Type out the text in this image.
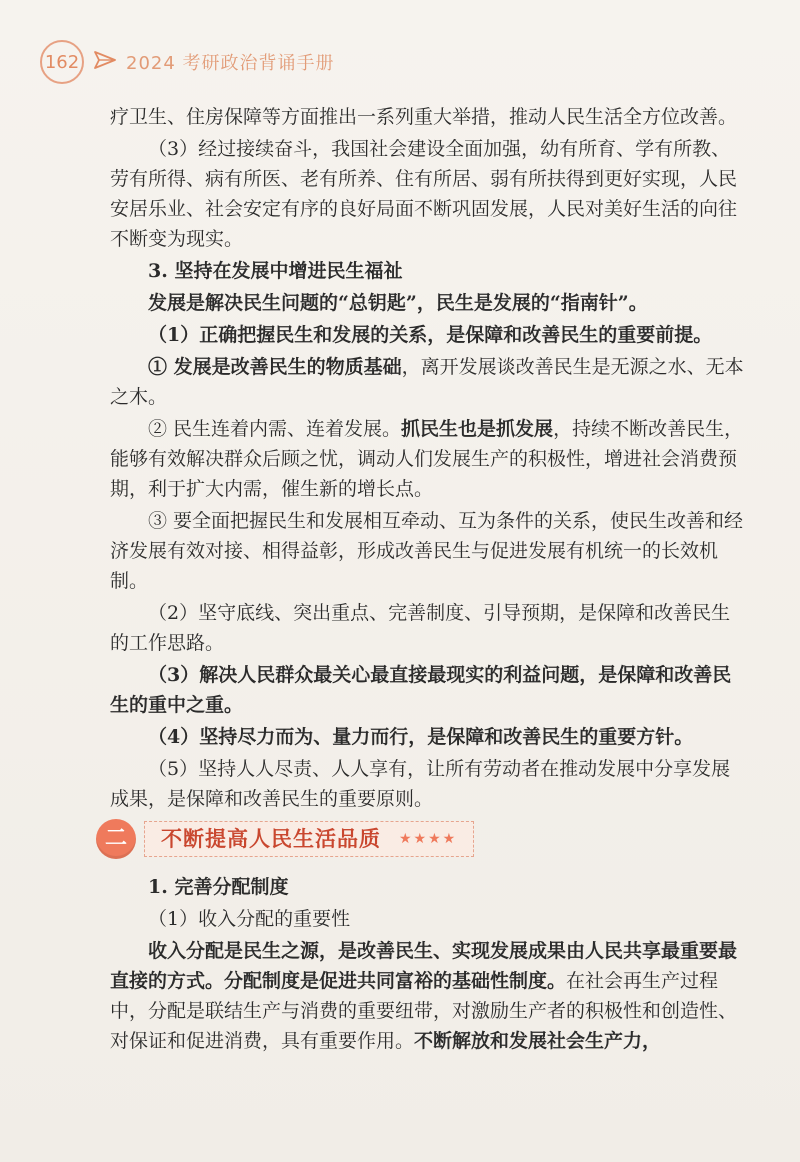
162	2024 考研政治背诵手册

疗卫生、住房保障等方面推出一系列重大举措，推动人民生活全方位改善。

（3）经过接续奋斗，我国社会建设全面加强，幼有所育、学有所教、劳有所得、病有所医、老有所养、住有所居、弱有所扶得到更好实现，人民安居乐业、社会安定有序的良好局面不断巩固发展，人民对美好生活的向往不断变为现实。

3. 坚持在发展中增进民生福祉

发展是解决民生问题的“总钥匙”，民生是发展的“指南针”。

（1）正确把握民生和发展的关系，是保障和改善民生的重要前提。

① 发展是改善民生的物质基础，离开发展谈改善民生是无源之水、无本之木。

② 民生连着内需、连着发展。抓民生也是抓发展，持续不断改善民生，能够有效解决群众后顾之忧，调动人们发展生产的积极性，增进社会消费预期，利于扩大内需，催生新的增长点。

③ 要全面把握民生和发展相互牵动、互为条件的关系，使民生改善和经济发展有效对接、相得益彰，形成改善民生与促进发展有机统一的长效机制。

（2）坚守底线、突出重点、完善制度、引导预期，是保障和改善民生的工作思路。

（3）解决人民群众最关心最直接最现实的利益问题，是保障和改善民生的重中之重。

（4）坚持尽力而为、量力而行，是保障和改善民生的重要方针。

（5）坚持人人尽责、人人享有，让所有劳动者在推动发展中分享发展成果，是保障和改善民生的重要原则。

二	不断提高人民生活品质 ★★★★

1. 完善分配制度

（1）收入分配的重要性

收入分配是民生之源，是改善民生、实现发展成果由人民共享最重要最直接的方式。分配制度是促进共同富裕的基础性制度。在社会再生产过程中，分配是联结生产与消费的重要纽带，对激励生产者的积极性和创造性、对保证和促进消费，具有重要作用。不断解放和发展社会生产力，
